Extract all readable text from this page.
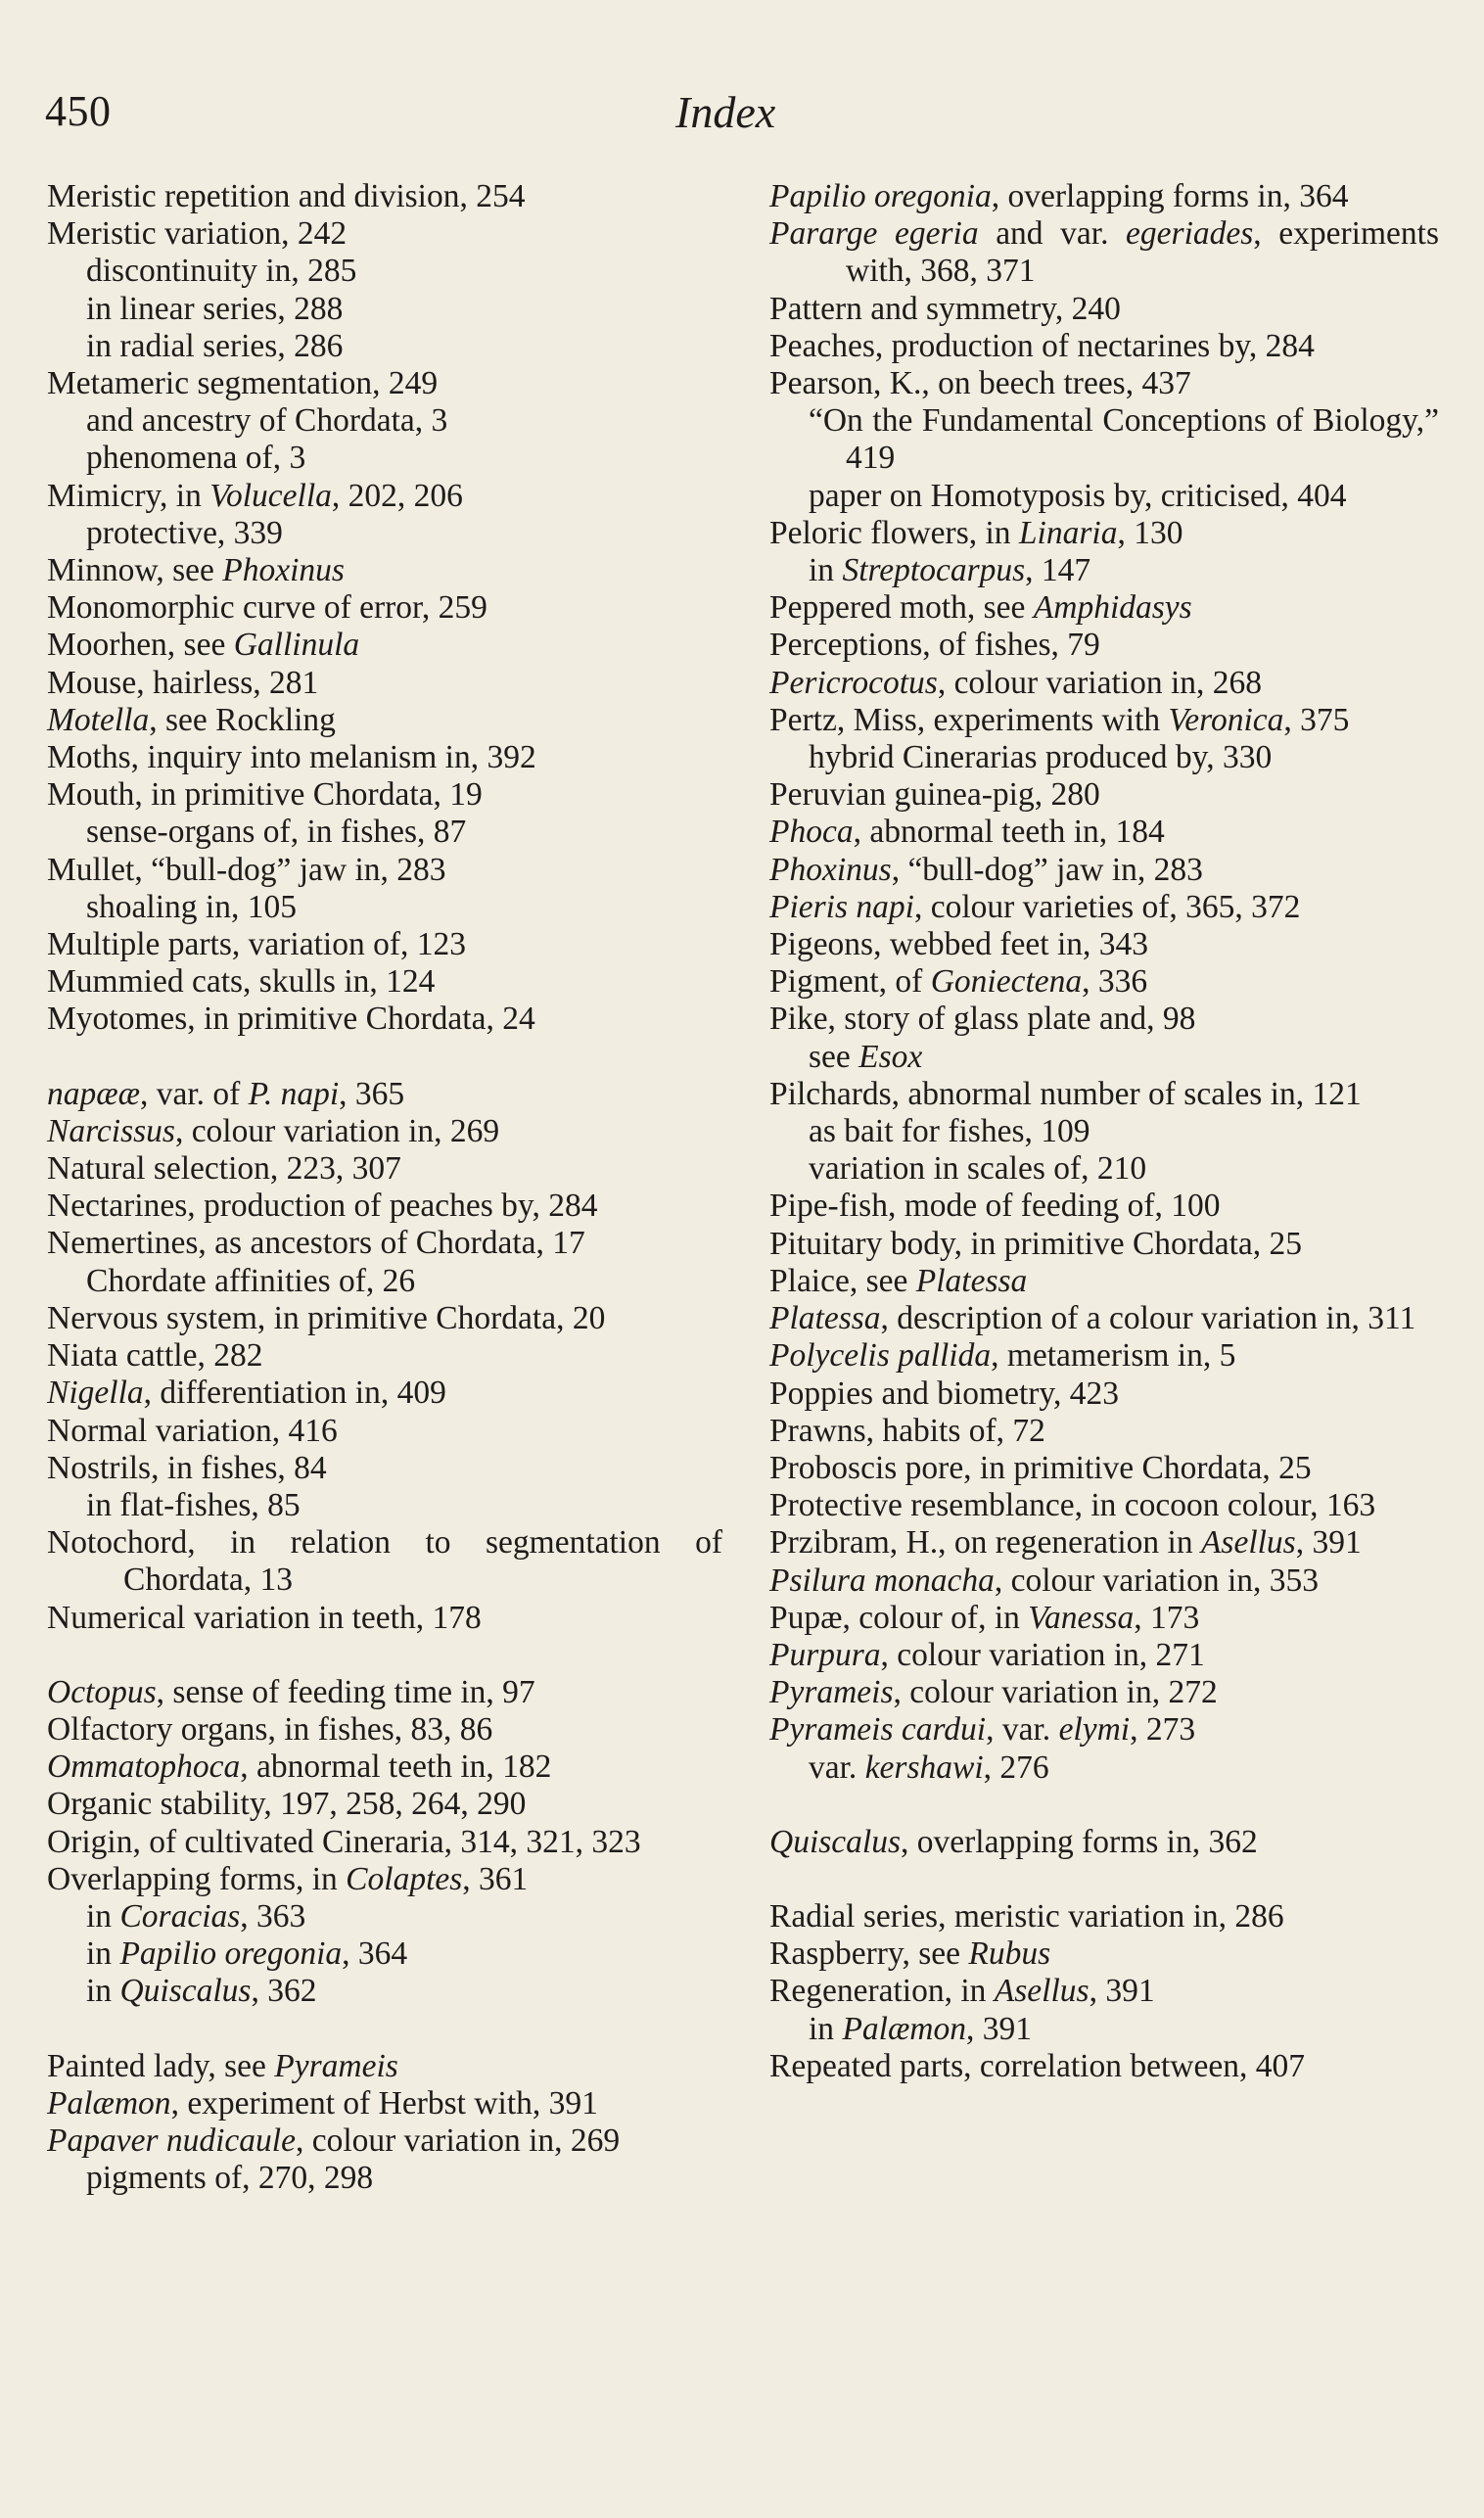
450	Index
Meristic repetition and division, 254
Meristic variation, 242
discontinuity in, 285
in linear series, 288
in radial series, 286
Metameric segmentation, 249
and ancestry of Chordata, 3
phenomena of, 3
Mimicry, in Volucella, 202, 206
protective, 339
Minnow, see Phoxinus
Monomorphic curve of error, 259
Moorhen, see Gallinula
Mouse, hairless, 281
Motella, see Rockling
Moths, inquiry into melanism in, 392
Mouth, in primitive Chordata, 19
sense-organs of, in fishes, 87
Mullet, “bull-dog” jaw in, 283
shoaling in, 105
Multiple parts, variation of, 123
Mummied cats, skulls in, 124
Myotomes, in primitive Chordata, 24
napææ, var. of P. napi, 365
Narcissus, colour variation in, 269
Natural selection, 223, 307
Nectarines, production of peaches by, 284
Nemertines, as ancestors of Chordata, 17
Chordate affinities of, 26
Nervous system, in primitive Chordata, 20
Niata cattle, 282
Nigella, differentiation in, 409
Normal variation, 416
Nostrils, in fishes, 84
in flat-fishes, 85
Notochord, in relation to segmentation of Chordata, 13
Numerical variation in teeth, 178
Octopus, sense of feeding time in, 97
Olfactory organs, in fishes, 83, 86
Ommatophoca, abnormal teeth in, 182
Organic stability, 197, 258, 264, 290
Origin, of cultivated Cineraria, 314, 321, 323
Overlapping forms, in Colaptes, 361
in Coracias, 363
in Papilio oregonia, 364
in Quiscalus, 362
Painted lady, see Pyrameis
Palæmon, experiment of Herbst with, 391
Papaver nudicaule, colour variation in, 269
pigments of, 270, 298
Papilio oregonia, overlapping forms in, 364
Pararge egeria and var. egeriades, experiments with, 368, 371
Pattern and symmetry, 240
Peaches, production of nectarines by, 284
Pearson, K., on beech trees, 437
“On the Fundamental Conceptions of Biology,” 419
paper on Homotyposis by, criticised, 404
Peloric flowers, in Linaria, 130
in Streptocarpus, 147
Peppered moth, see Amphidasys
Perceptions, of fishes, 79
Pericrocotus, colour variation in, 268
Pertz, Miss, experiments with Veronica, 375
hybrid Cinerarias produced by, 330
Peruvian guinea-pig, 280
Phoca, abnormal teeth in, 184
Phoxinus, “bull-dog” jaw in, 283
Pieris napi, colour varieties of, 365, 372
Pigeons, webbed feet in, 343
Pigment, of Goniectena, 336
Pike, story of glass plate and, 98
see Esox
Pilchards, abnormal number of scales in, 121
as bait for fishes, 109
variation in scales of, 210
Pipe-fish, mode of feeding of, 100
Pituitary body, in primitive Chordata, 25
Plaice, see Platessa
Platessa, description of a colour variation in, 311
Polycelis pallida, metamerism in, 5
Poppies and biometry, 423
Prawns, habits of, 72
Proboscis pore, in primitive Chordata, 25
Protective resemblance, in cocoon colour, 163
Przibram, H., on regeneration in Asellus, 391
Psilura monacha, colour variation in, 353
Pupæ, colour of, in Vanessa, 173
Purpura, colour variation in, 271
Pyrameis, colour variation in, 272
Pyrameis cardui, var. elymi, 273
var. kershawi, 276
Quiscalus, overlapping forms in, 362
Radial series, meristic variation in, 286
Raspberry, see Rubus
Regeneration, in Asellus, 391
in Palæmon, 391
Repeated parts, correlation between, 407
